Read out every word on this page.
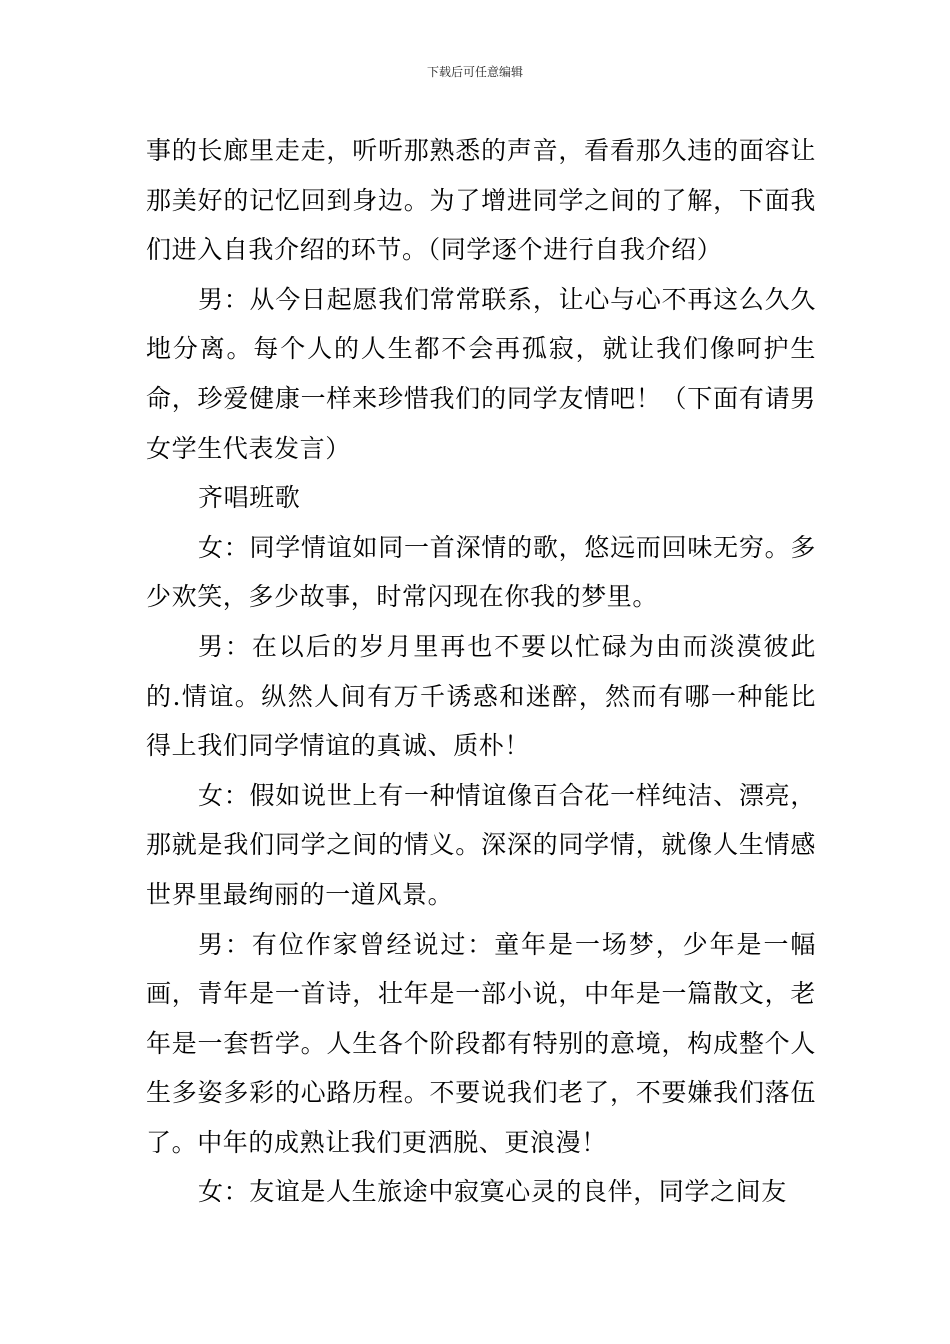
下载后可任意编辑

事的长廊里走走，听听那熟悉的声音，看看那久违的面容让那美好的记忆回到身边。为了增进同学之间的了解，下面我们进入自我介绍的环节。（同学逐个进行自我介绍）

男：从今日起愿我们常常联系，让心与心不再这么久久地分离。每个人的人生都不会再孤寂，就让我们像呵护生命，珍爱健康一样来珍惜我们的同学友情吧！（下面有请男女学生代表发言）

齐唱班歌

女：同学情谊如同一首深情的歌，悠远而回味无穷。多少欢笑，多少故事，时常闪现在你我的梦里。

男：在以后的岁月里再也不要以忙碌为由而淡漠彼此的.情谊。纵然人间有万千诱惑和迷醉，然而有哪一种能比得上我们同学情谊的真诚、质朴！

女：假如说世上有一种情谊像百合花一样纯洁、漂亮，那就是我们同学之间的情义。深深的同学情，就像人生情感世界里最绚丽的一道风景。

男：有位作家曾经说过：童年是一场梦，少年是一幅画，青年是一首诗，壮年是一部小说，中年是一篇散文，老年是一套哲学。人生各个阶段都有特别的意境，构成整个人生多姿多彩的心路历程。不要说我们老了，不要嫌我们落伍了。中年的成熟让我们更洒脱、更浪漫！

女：友谊是人生旅途中寂寞心灵的良伴，同学之间友
